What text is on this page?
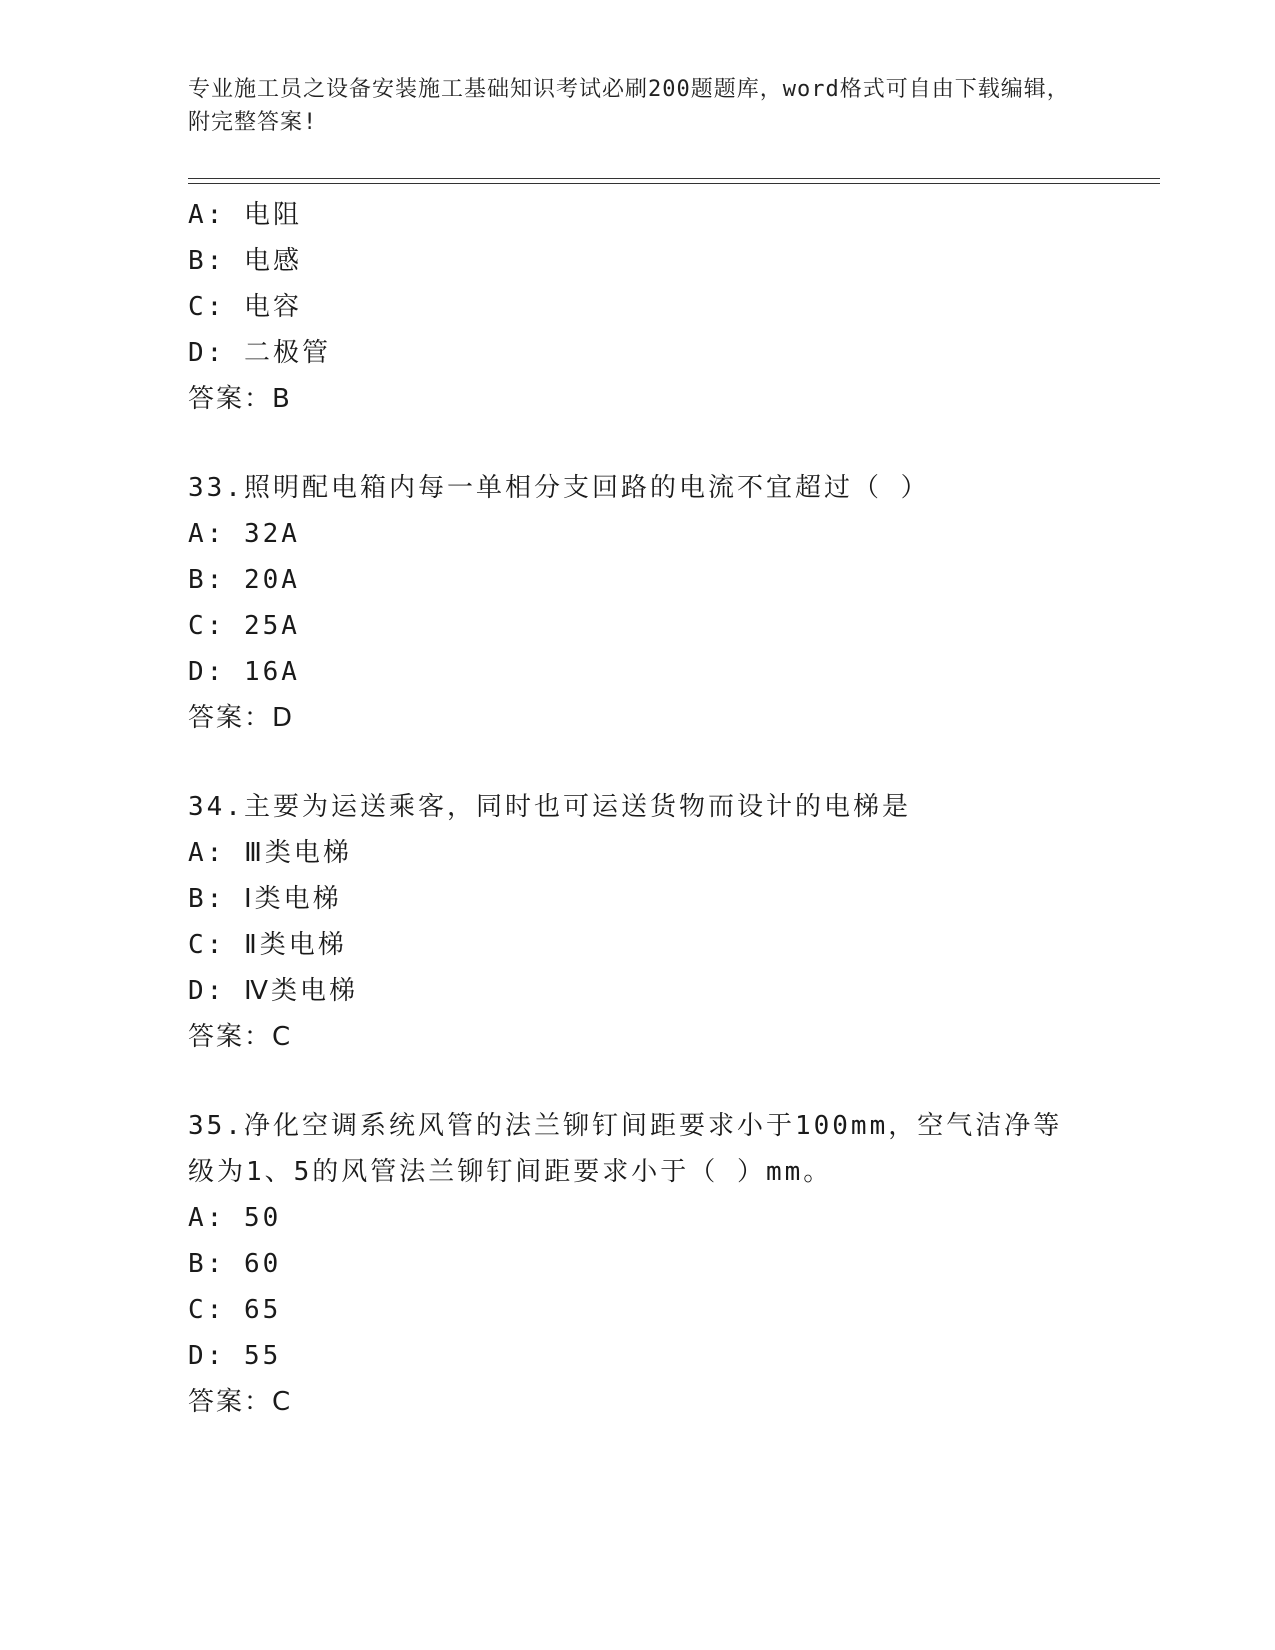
专业施工员之设备安装施工基础知识考试必刷200题题库，word格式可自由下载编辑，附完整答案!
A: 电阻
B: 电感
C: 电容
D: 二极管
答案：B
33.照明配电箱内每一单相分支回路的电流不宜超过（ ）
A: 32A
B: 20A
C: 25A
D: 16A
答案：D
34.主要为运送乘客，同时也可运送货物而设计的电梯是
A: Ⅲ类电梯
B: Ⅰ类电梯
C: Ⅱ类电梯
D: Ⅳ类电梯
答案：C
35.净化空调系统风管的法兰铆钉间距要求小于100mm，空气洁净等级为1、5的风管法兰铆钉间距要求小于（ ）mm。
A: 50
B: 60
C: 65
D: 55
答案：C
